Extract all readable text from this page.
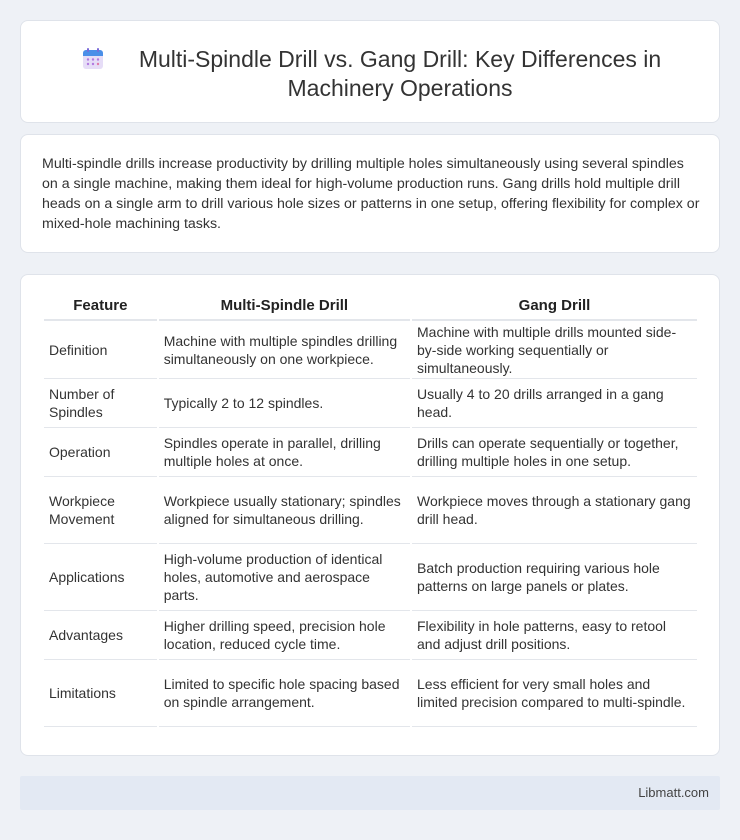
Multi-Spindle Drill vs. Gang Drill: Key Differences in Machinery Operations

Multi-spindle drills increase productivity by drilling multiple holes simultaneously using several spindles on a single machine, making them ideal for high-volume production runs. Gang drills hold multiple drill heads on a single arm to drill various hole sizes or patterns in one setup, offering flexibility for complex or mixed-hole machining tasks.

Feature	Multi-Spindle Drill	Gang Drill
Definition	Machine with multiple spindles drilling simultaneously on one workpiece.	Machine with multiple drills mounted side-by-side working sequentially or simultaneously.
Number of Spindles	Typically 2 to 12 spindles.	Usually 4 to 20 drills arranged in a gang head.
Operation	Spindles operate in parallel, drilling multiple holes at once.	Drills can operate sequentially or together, drilling multiple holes in one setup.
Workpiece Movement	Workpiece usually stationary; spindles aligned for simultaneous drilling.	Workpiece moves through a stationary gang drill head.
Applications	High-volume production of identical holes, automotive and aerospace parts.	Batch production requiring various hole patterns on large panels or plates.
Advantages	Higher drilling speed, precision hole location, reduced cycle time.	Flexibility in hole patterns, easy to retool and adjust drill positions.
Limitations	Limited to specific hole spacing based on spindle arrangement.	Less efficient for very small holes and limited precision compared to multi-spindle.
Libmatt.com
